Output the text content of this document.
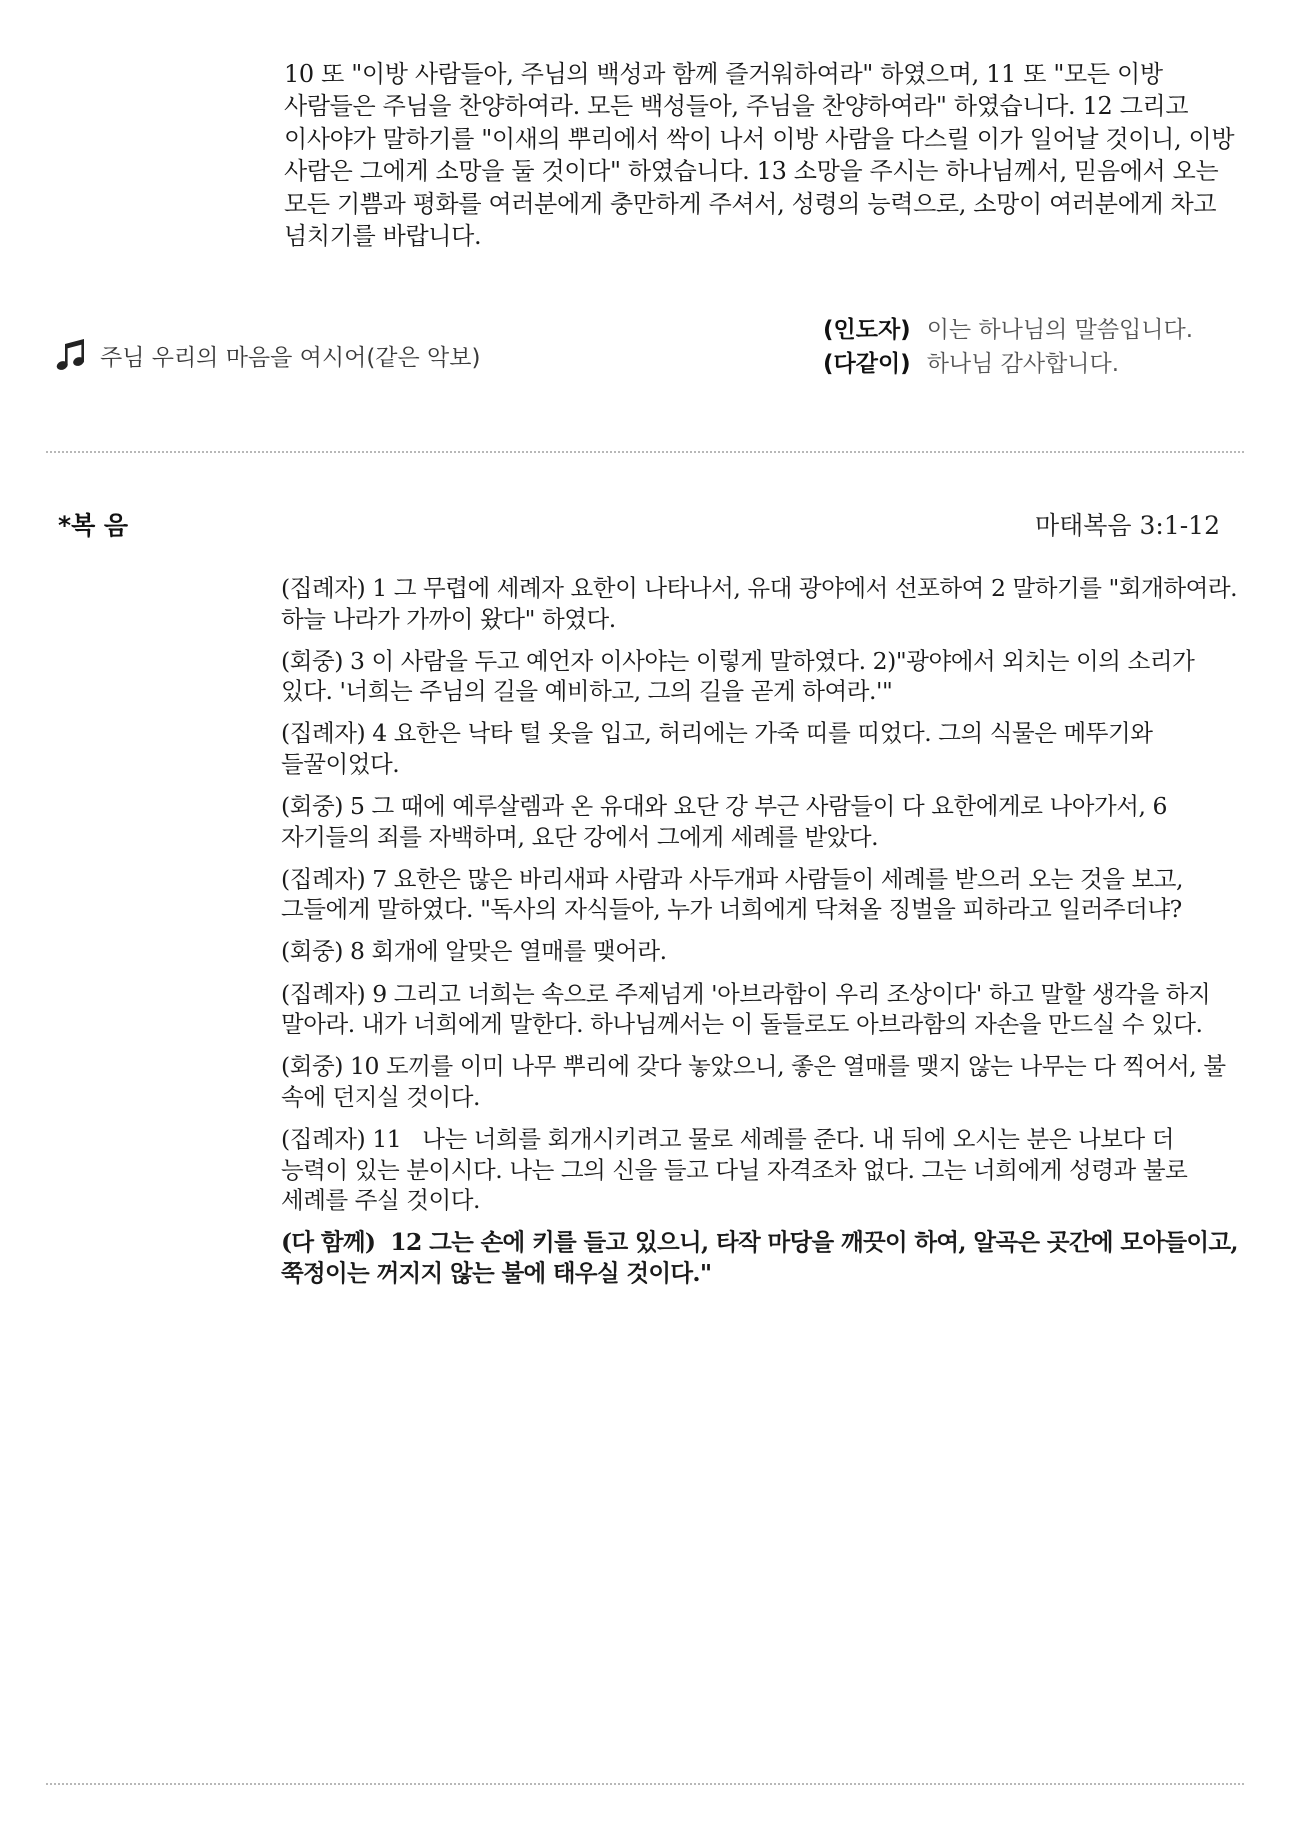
10 또 "이방 사람들아, 주님의 백성과 함께 즐거워하여라" 하였으며, 11 또 "모든 이방 사람들은 주님을 찬양하여라. 모든 백성들아, 주님을 찬양하여라" 하였습니다. 12 그리고 이사야가 말하기를 "이새의 뿌리에서 싹이 나서 이방 사람을 다스릴 이가 일어날 것이니, 이방 사람은 그에게 소망을 둘 것이다" 하였습니다. 13 소망을 주시는 하나님께서, 믿음에서 오는 모든 기쁨과 평화를 여러분에게 충만하게 주셔서, 성령의 능력으로, 소망이 여러분에게 차고 넘치기를 바랍니다.
주님 우리의 마음을 여시어(같은 악보)
(인도자) 이는 하나님의 말씀입니다.
(다같이) 하나님 감사합니다.
*복 음	마태복음 3:1-12

(집례자) 1 그 무렵에 세례자 요한이 나타나서, 유대 광야에서 선포하여 2 말하기를 "회개하여라. 하늘 나라가 가까이 왔다" 하였다.

(회중) 3 이 사람을 두고 예언자 이사야는 이렇게 말하였다. 2)"광야에서 외치는 이의 소리가 있다. '너희는 주님의 길을 예비하고, 그의 길을 곧게 하여라.'"

(집례자) 4 요한은 낙타 털 옷을 입고, 허리에는 가죽 띠를 띠었다. 그의 식물은 메뚜기와 들꿀이었다.

(회중) 5 그 때에 예루살렘과 온 유대와 요단 강 부근 사람들이 다 요한에게로 나아가서, 6 자기들의 죄를 자백하며, 요단 강에서 그에게 세례를 받았다.

(집례자) 7 요한은 많은 바리새파 사람과 사두개파 사람들이 세례를 받으러 오는 것을 보고, 그들에게 말하였다. "독사의 자식들아, 누가 너희에게 닥쳐올 징벌을 피하라고 일러주더냐?

(회중) 8 회개에 알맞은 열매를 맺어라.

(집례자) 9 그리고 너희는 속으로 주제넘게 '아브라함이 우리 조상이다' 하고 말할 생각을 하지 말아라. 내가 너희에게 말한다. 하나님께서는 이 돌들로도 아브라함의 자손을 만드실 수 있다.

(회중) 10 도끼를 이미 나무 뿌리에 갖다 놓았으니, 좋은 열매를 맺지 않는 나무는 다 찍어서, 불 속에 던지실 것이다.

(집례자) 11   나는 너희를 회개시키려고 물로 세례를 준다. 내 뒤에 오시는 분은 나보다 더 능력이 있는 분이시다. 나는 그의 신을 들고 다닐 자격조차 없다. 그는 너희에게 성령과 불로 세례를 주실 것이다.

(다 함께)  12 그는 손에 키를 들고 있으니, 타작 마당을 깨끗이 하여, 알곡은 곳간에 모아들이고, 쭉정이는 꺼지지 않는 불에 태우실 것이다."
